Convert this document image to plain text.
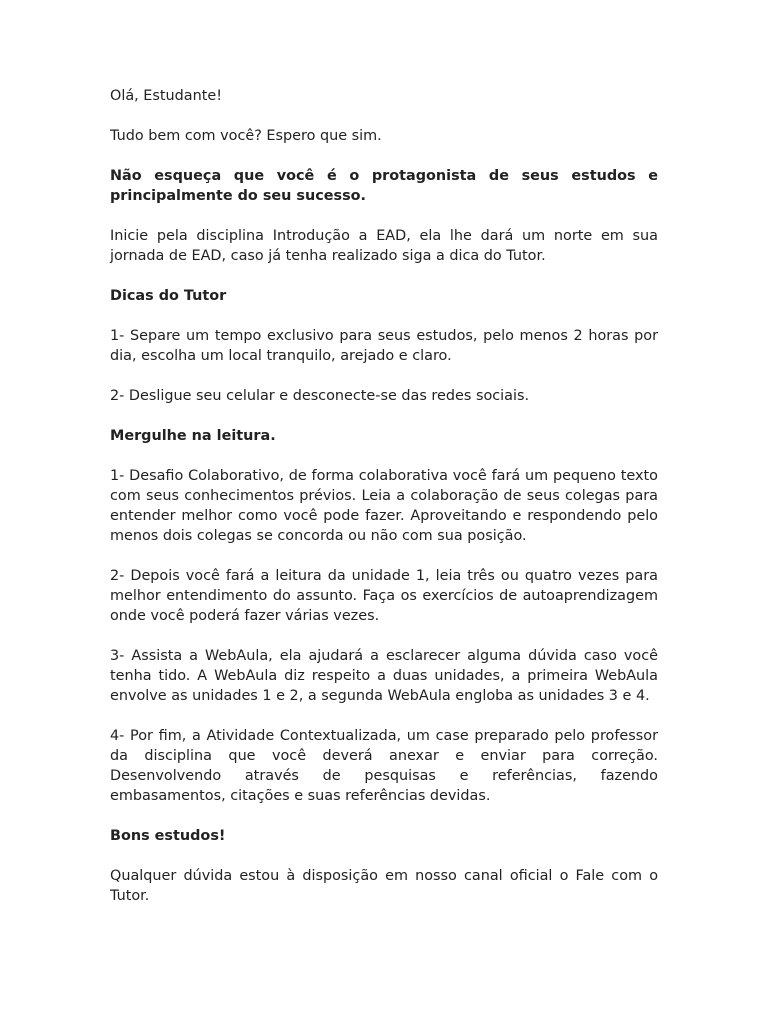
Olá, Estudante!

Tudo bem com você? Espero que sim.

Não esqueça que você é o protagonista de seus estudos e principalmente do seu sucesso.

Inicie pela disciplina Introdução a EAD, ela lhe dará um norte em sua jornada de EAD, caso já tenha realizado siga a dica do Tutor.

Dicas do Tutor

1- Separe um tempo exclusivo para seus estudos, pelo menos 2 horas por dia, escolha um local tranquilo, arejado e claro.

2- Desligue seu celular e desconecte-se das redes sociais.

Mergulhe na leitura.

1- Desafio Colaborativo, de forma colaborativa você fará um pequeno texto com seus conhecimentos prévios. Leia a colaboração de seus colegas para entender melhor como você pode fazer. Aproveitando e respondendo pelo menos dois colegas se concorda ou não com sua posição.

2- Depois você fará a leitura da unidade 1, leia três ou quatro vezes para melhor entendimento do assunto. Faça os exercícios de autoaprendizagem onde você poderá fazer várias vezes.

3- Assista a WebAula, ela ajudará a esclarecer alguma dúvida caso você tenha tido. A WebAula diz respeito a duas unidades, a primeira WebAula envolve as unidades 1 e 2, a segunda WebAula engloba as unidades 3 e 4.

4- Por fim, a Atividade Contextualizada, um case preparado pelo professor da disciplina que você deverá anexar e enviar para correção. Desenvolvendo através de pesquisas e referências, fazendo embasamentos, citações e suas referências devidas.

Bons estudos!

Qualquer dúvida estou à disposição em nosso canal oficial o Fale com o Tutor.
